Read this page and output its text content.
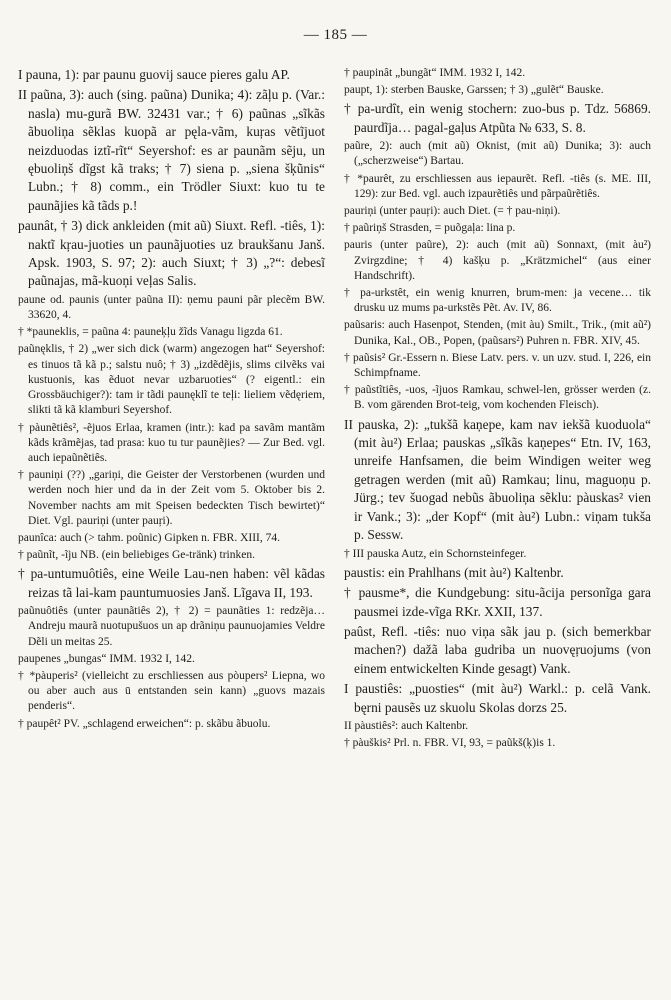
— 185 —
I pauna, 1): par paunu guovij sauce pieres galu AP.
II paũna, 3): auch (sing. paũna) Dunika; 4): zãļu p. (Var.: nasla) mu-gurã BW. 32431 var.; † 6) paũnas „sĩkãs ãbuoliņa sẽklas kuopã ar pęla-vãm, kuŗas vẽtĩjuot neizduodas iztĩ-rĩt“ Seyershof: es ar paunãm sẽju, un ębuoliņš dĩgst kã traks; † 7) siena p. „siena šķũnis“ Lubn.; † 8) comm., ein Trödler Siuxt: kuo tu te paunãjies kã tãds p.!
paunât, † 3) dick ankleiden (mit aũ) Siuxt. Refl. -tiês, 1): naktĩ kŗau-juoties un paunãjuoties uz braukšanu Janš. Apsk. 1903, S. 97; 2): auch Siuxt; † 3) „?“: debesĩ paũnajas, mã-kuoņi veļas Salis.
paune od. paunis (unter paũna II): ņemu pauni pãr plecẽm BW. 33620, 4.
† *pauneklis, = paũna 4: pauneķļu žĩds Vanagu ligzda 61.
paũnęklis, † 2) „wer sich dick (warm) angezogen hat“ Seyershof: es tinuos tã kã p.; salstu nuô; † 3) „izdẽdẽjis, slims cilvẽks vai kustuonis, kas ẽduot nevar uzbaruoties“ (? eigentl.: ein Grossbäuchiger?): tam ir tãdi paunęklĩ te teļi: lieliem vẽdęriem, slikti tã kã klamburi Seyershof.
† pàunẽtiês², -ẽjuos Erlaa, kramen (intr.): kad pa savãm mantãm kãds krãmẽjas, tad prasa: kuo tu tur paunẽjies? — Zur Bed. vgl. auch iepaũnẽtiês.
† pauniņi (??) „gariņi, die Geister der Verstorbenen (wurden und werden noch hier und da in der Zeit vom 5. Oktober bis 2. November nachts am mit Speisen bedeckten Tisch bewirtet)“ Diet. Vgl. pauriņi (unter pauŗi).
paunîca: auch (> tahm. poũnic) Gipken n. FBR. XIII, 74.
† paũnĩt, -ĩju NB. (ein beliebiges Ge-tränk) trinken.
† pa-untumuôtiês, eine Weile Lau-nen haben: vẽl kãdas reizas tã lai-kam pauntumuosies Janš. Lĩgava II, 193.
paũnuôtiês (unter paunãtiês 2), † 2) = paunãties 1: redzẽja… Andreju maurã nuotupušuos un ap drãniņu paunuojamies Veldre Dẽli un meitas 25.
paupenes „bungas“ IMM. 1932 I, 142.
† *pàuperis² (vielleicht zu erschliessen aus pòupers² Liepna, wo ou aber auch aus ū entstanden sein kann) „guovs mazais penderis“.
† paupêt² PV. „schlagend erweichen“: p. skãbu ãbuolu.
† paupinât „bungãt“ IMM. 1932 I, 142.
paupt, 1): sterben Bauske, Garssen; † 3) „gulẽt“ Bauske.
† pa-urdît, ein wenig stochern: zuo-bus p. Tdz. 56869. paurdĩja… pagal-gaļus Atpũta № 633, S. 8.
paũre, 2): auch (mit aũ) Oknist, (mit aũ) Dunika; 3): auch („scherzweise“) Bartau.
† *paurêt, zu erschliessen aus iepaurẽt. Refl. -tiês (s. ME. III, 129): zur Bed. vgl. auch izpaurẽtiês und pãrpaũrẽtiês.
pauriņi (unter pauŗi): auch Diet. (= † pau-niņi).
† paũriņš Strasden, = puõgaļa: lina p.
pauris (unter paũre), 2): auch (mit aũ) Sonnaxt, (mit àu²) Zvirgzdine; † 4) kašķu p. „Krätzmichel“ (aus einer Handschrift).
† pa-urkstêt, ein wenig knurren, brum-men: ja vecene… tik drusku uz mums pa-urkstẽs Pẽt. Av. IV, 86.
paũsaris: auch Hasenpot, Stenden, (mit àu) Smilt., Trik., (mit aũ²) Dunika, Kal., OB., Popen, (paũsars²) Puhren n. FBR. XIV, 45.
† paũsis² Gr.-Essern n. Biese Latv. pers. v. un uzv. stud. I, 226, ein Schimpfname.
† paũstĩtiês, -uos, -ĩjuos Ramkau, schwel-len, grösser werden (z. B. vom gärenden Brot-teig, vom kochenden Fleisch).
II pauska, 2): „tukšã kaņepe, kam nav iekšã kuoduola“ (mit àu²) Erlaa; pauskas „sĩkãs kaņepes“ Etn. IV, 163, unreife Hanfsamen, die beim Windigen weiter weg getragen werden (mit aũ) Ramkau; linu, maguoņu p. Jürg.; tev šuogad nebũs ãbuoliņa sẽklu: pàuskas² vien ir Vank.; 3): „der Kopf“ (mit àu²) Lubn.: viņam tukša p. Sessw.
† III pauska Autz, ein Schornsteinfeger.
paustis: ein Prahlhans (mit àu²) Kaltenbr.
† pausme*, die Kundgebung: situ-ãcija personĩga gara pausmei izde-vĩga RKr. XXII, 137.
paûst, Refl. -tiês: nuo viņa sãk jau p. (sich bemerkbar machen?) dažã laba gudriba un nuovęŗuojums (von einem entwickelten Kinde gesagt) Vank.
I paustiês: „puosties“ (mit àu²) Warkl.: p. celã Vank. bęrni pausẽs uz skuolu Skolas dorzs 25.
II pàustiês²: auch Kaltenbr.
† pàuškis² Prl. n. FBR. VI, 93, = paũkš(ķ)is 1.
